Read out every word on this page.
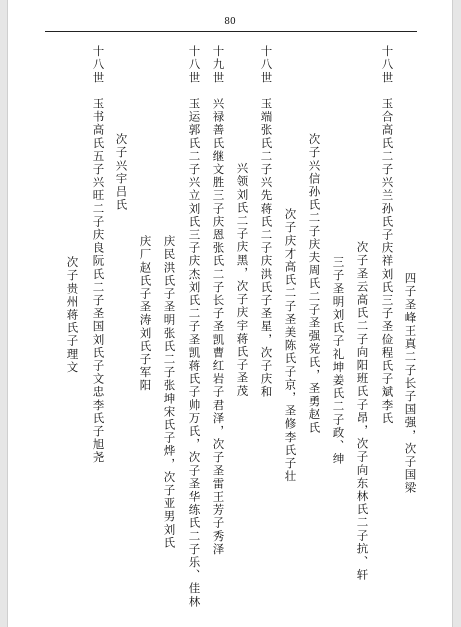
80
十八世　玉合高氏二子兴兰孙氏子庆祥刘氏三子圣俭程氏子斌李氏 四子圣峰王真二子长子国强，次子国梁
次子圣云高氏二子向阳班氏子昂，次子向东林氏二子抗、轩
三子圣明刘氏子礼坤姜氏二子政、绅
次子兴信孙氏二子庆夫周氏二子圣强党氏，圣勇赵氏
次子庆才高氏二子圣美陈氏子京，圣修李氏子壮
十八世　玉端张氏二子兴先蒋氏二子庆洪氏子圣星，次子庆和
兴领刘氏二子庆黑，次子庆宇蒋氏子圣茂
十九世　兴禄善氏继文胜三子庆恩张氏二子长子圣凯曹红岩子君泽，次子圣雷王芳子秀泽
十八世　玉运郭氏二子兴立刘氏三子庆杰刘氏二子圣凯蒋氏子帅万氏，次子圣华练氏二子乐、佳林
庆民洪氏子圣明张氏二子张坤宋氏子烨，次子亚男刘氏
庆厂赵氏子圣涛刘氏子军阳
次子兴宇吕氏
十八世　玉书高氏五子兴旺二子庆良阮氏二子圣国刘氏子文忠李氏子旭尧
次子贵州蒋氏子理文
